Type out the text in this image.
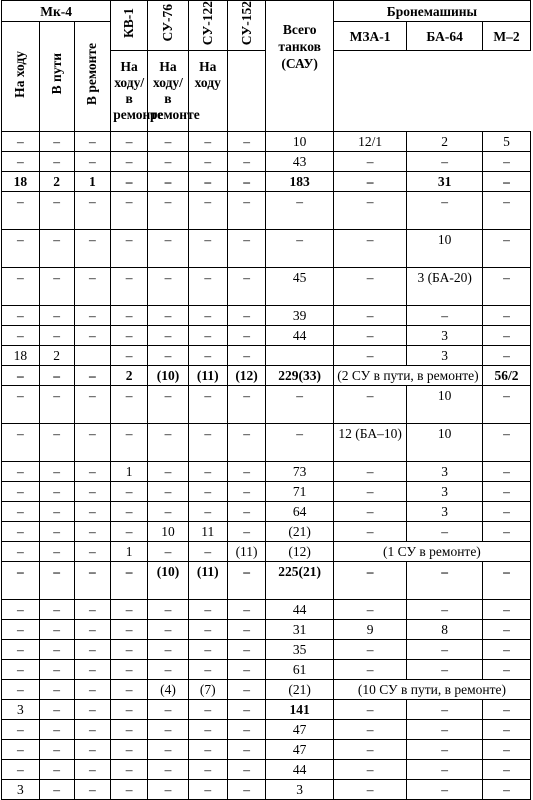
Мк-4			КВ-1	СУ-76	СУ-122	СУ-152	Всего танков (САУ)	Бронемашины		
На ходу	В пути	В ремонте						МЗА-1	БА-64	М–2
			На ходу/ в ремонте	На ходу/ в ремонте	На ходу					
–	–	–	–	–	–	–	10	12/1	2	5
–	–	–	–	–	–	–	43	–	–	–
18	2	1	–	–	–	–	183	–	31	–
–	–	–	–	–	–	–	–	–	–	–
–	–	–	–	–	–	–	–	–	10	–
–	–	–	–	–	–	–	45	–	3 (БА-20)	–
–	–	–	–	–	–	–	39	–	–	–
–	–	–	–	–	–	–	44	–	3	–
18	2		–	–	–	–		–	3	–
–	–	–	2	(10)	(11)	(12)	229(33)	(2 СУ в пути, в ремонте)		56/2
–	–	–	–	–	–	–	–	–	10	–
–	–	–	–	–	–	–	–	12 (БА–10)	10	–
–	–	–	1	–	–	–	73	–	3	–
–	–	–	–	–	–	–	71	–	3	–
–	–	–	–	–	–	–	64	–	3	–
–	–	–	–	10	11	–	(21)	–	–	–
–	–	–	1	–	–	(11)	(12)	(1 СУ в ремонте)		
–	–	–	–	(10)	(11)	–	225(21)	–	–	–
–	–	–	–	–	–	–	44	–	–	–
–	–	–	–	–	–	–	31	9	8	–
–	–	–	–	–	–	–	35	–	–	–
–	–	–	–	–	–	–	61	–	–	–
–	–	–	–	(4)	(7)	–	(21)	(10 СУ в пути, в ремонте)		
3	–	–	–	–	–	–	141	–	–	–
–	–	–	–	–	–	–	47	–	–	–
–	–	–	–	–	–	–	47	–	–	–
–	–	–	–	–	–	–	44	–	–	–
3	–	–	–	–	–	–	3	–	–	–
